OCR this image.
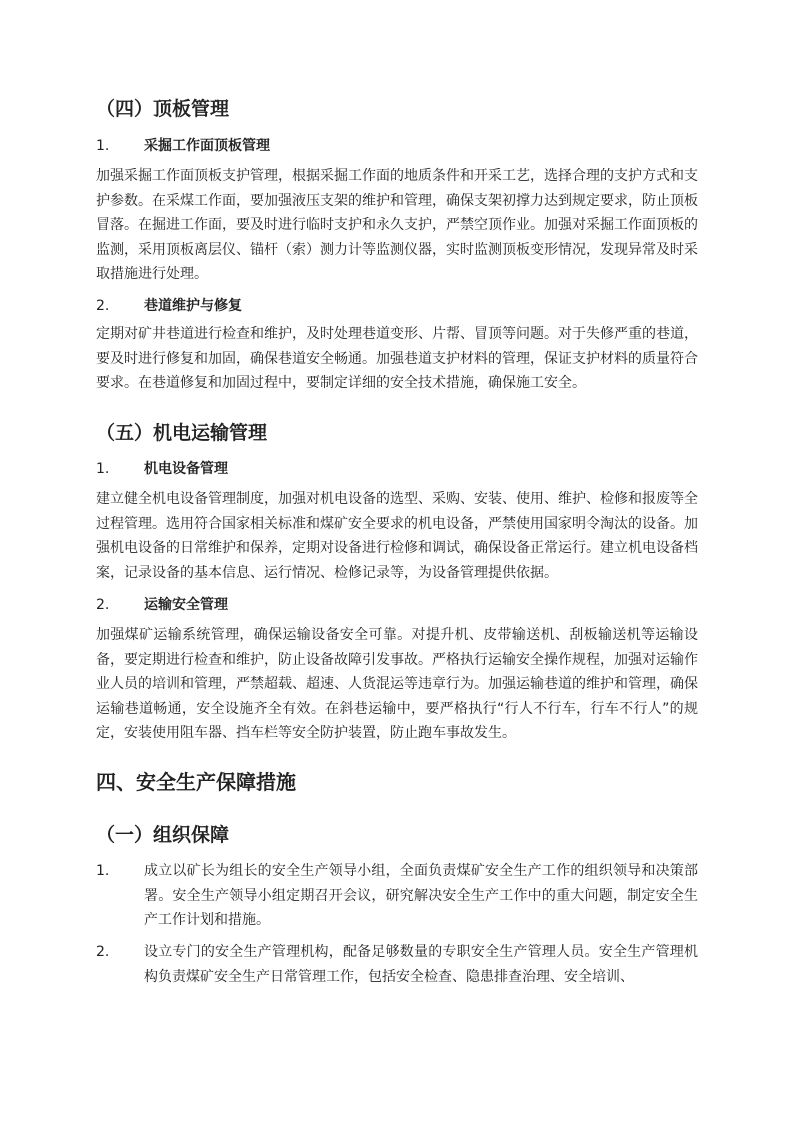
（四）顶板管理
1. 采掘工作面顶板管理
加强采掘工作面顶板支护管理，根据采掘工作面的地质条件和开采工艺，选择合理的支护方式和支护参数。在采煤工作面，要加强液压支架的维护和管理，确保支架初撑力达到规定要求，防止顶板冒落。在掘进工作面，要及时进行临时支护和永久支护，严禁空顶作业。加强对采掘工作面顶板的监测，采用顶板离层仪、锚杆（索）测力计等监测仪器，实时监测顶板变形情况，发现异常及时采取措施进行处理。
2. 巷道维护与修复
定期对矿井巷道进行检查和维护，及时处理巷道变形、片帮、冒顶等问题。对于失修严重的巷道，要及时进行修复和加固，确保巷道安全畅通。加强巷道支护材料的管理，保证支护材料的质量符合要求。在巷道修复和加固过程中，要制定详细的安全技术措施，确保施工安全。
（五）机电运输管理
1. 机电设备管理
建立健全机电设备管理制度，加强对机电设备的选型、采购、安装、使用、维护、检修和报废等全过程管理。选用符合国家相关标准和煤矿安全要求的机电设备，严禁使用国家明令淘汰的设备。加强机电设备的日常维护和保养，定期对设备进行检修和调试，确保设备正常运行。建立机电设备档案，记录设备的基本信息、运行情况、检修记录等，为设备管理提供依据。
2. 运输安全管理
加强煤矿运输系统管理，确保运输设备安全可靠。对提升机、皮带输送机、刮板输送机等运输设备，要定期进行检查和维护，防止设备故障引发事故。严格执行运输安全操作规程，加强对运输作业人员的培训和管理，严禁超载、超速、人货混运等违章行为。加强运输巷道的维护和管理，确保运输巷道畅通，安全设施齐全有效。在斜巷运输中，要严格执行“行人不行车，行车不行人”的规定，安装使用阻车器、挡车栏等安全防护装置，防止跑车事故发生。
四、安全生产保障措施
（一）组织保障
1. 成立以矿长为组长的安全生产领导小组，全面负责煤矿安全生产工作的组织领导和决策部署。安全生产领导小组定期召开会议，研究解决安全生产工作中的重大问题，制定安全生产工作计划和措施。
2. 设立专门的安全生产管理机构，配备足够数量的专职安全生产管理人员。安全生产管理机构负责煤矿安全生产日常管理工作，包括安全检查、隐患排查治理、安全培训、
